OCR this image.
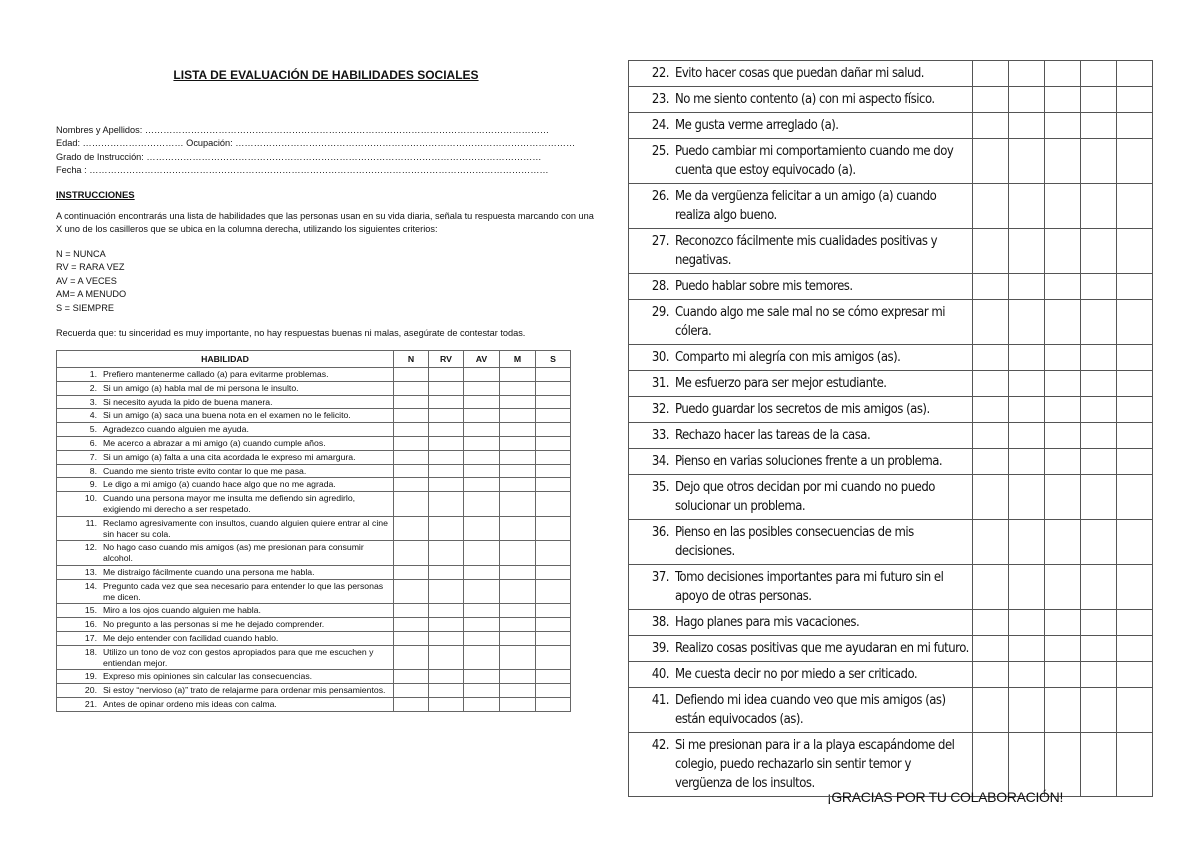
LISTA DE EVALUACIÓN DE HABILIDADES SOCIALES
Nombres y Apellidos: ……………………………………………………………………………………………………………………
Edad: …………………………… Ocupación: …………………………………………………………………………………………………
Grado de Instrucción: …………………………………………………………………………………………………………………
Fecha : ……………………………………………………………………………………………………………………………………
INSTRUCCIONES
A continuación encontrarás una lista de habilidades que las personas usan en su vida diaria, señala tu respuesta marcando con una X uno de los casilleros que se ubica en la columna derecha, utilizando los siguientes criterios:
N = NUNCA
RV = RARA VEZ
AV = A VECES
AM= A MENUDO
S = SIEMPRE
Recuerda que: tu sinceridad es muy importante, no hay respuestas buenas ni malas, asegúrate de contestar todas.
HABILIDAD	N	RV	AV	M	S

1. Prefiero mantenerme callado (a) para evitarme problemas.					

2. Si un amigo (a) habla mal de mi persona le insulto.					

3. Si necesito ayuda la pido de buena manera.					

4. Si un amigo (a) saca una buena nota en el examen no le felicito.					

5. Agradezco cuando alguien me ayuda.					

6. Me acerco a abrazar a mi amigo (a) cuando cumple años.					

7. Si un amigo (a) falta a una cita acordada le expreso mi amargura.					

8. Cuando me siento triste evito contar lo que me pasa.					

9. Le digo a mi amigo (a) cuando hace algo que no me agrada.					

10. Cuando una persona mayor me insulta me defiendo sin agredirlo, exigiendo mi derecho a ser respetado.					

11. Reclamo agresivamente con insultos, cuando alguien quiere entrar al cine sin hacer su cola.					

12. No hago caso cuando mis amigos (as) me presionan para consumir alcohol.					

13. Me distraigo fácilmente cuando una persona me habla.					

14. Pregunto cada vez que sea necesario para entender lo que las personas me dicen.					

15. Miro a los ojos cuando alguien me habla.					

16. No pregunto a las personas si me he dejado comprender.					

17. Me dejo entender con facilidad cuando hablo.					

18. Utilizo un tono de voz con gestos apropiados para que me escuchen y entiendan mejor.					

19. Expreso mis opiniones sin calcular las consecuencias.					

20. Si estoy “nervioso (a)” trato de relajarme para ordenar mis pensamientos.					

21. Antes de opinar ordeno mis ideas con calma.					

22. Evito hacer cosas que puedan dañar mi salud.					

23. No me siento contento (a) con mi aspecto físico.					

24. Me gusta verme arreglado (a).					

25. Puedo cambiar mi comportamiento cuando me doy cuenta que estoy equivocado (a).					

26. Me da vergüenza felicitar a un amigo (a) cuando realiza algo bueno.					

27. Reconozco fácilmente mis cualidades positivas y negativas.					

28. Puedo hablar sobre mis temores.					

29. Cuando algo me sale mal no se cómo expresar mi cólera.					

30. Comparto mi alegría con mis amigos (as).					

31. Me esfuerzo para ser mejor estudiante.					

32. Puedo guardar los secretos de mis amigos (as).					

33. Rechazo hacer las tareas de la casa.					

34. Pienso en varias soluciones frente a un problema.					

35. Dejo que otros decidan por mi cuando no puedo solucionar un problema.					

36. Pienso en las posibles consecuencias de mis decisiones.					

37. Tomo decisiones importantes para mi futuro sin el apoyo de otras personas.					

38. Hago planes para mis vacaciones.					

39. Realizo cosas positivas que me ayudaran en mi futuro.					

40. Me cuesta decir no por miedo a ser criticado.					

41. Defiendo mi idea cuando veo que mis amigos (as) están equivocados (as).					

42. Si me presionan para ir a la playa escapándome del colegio, puedo rechazarlo sin sentir temor y vergüenza de los insultos.					

¡GRACIAS POR TU COLABORACIÓN!
